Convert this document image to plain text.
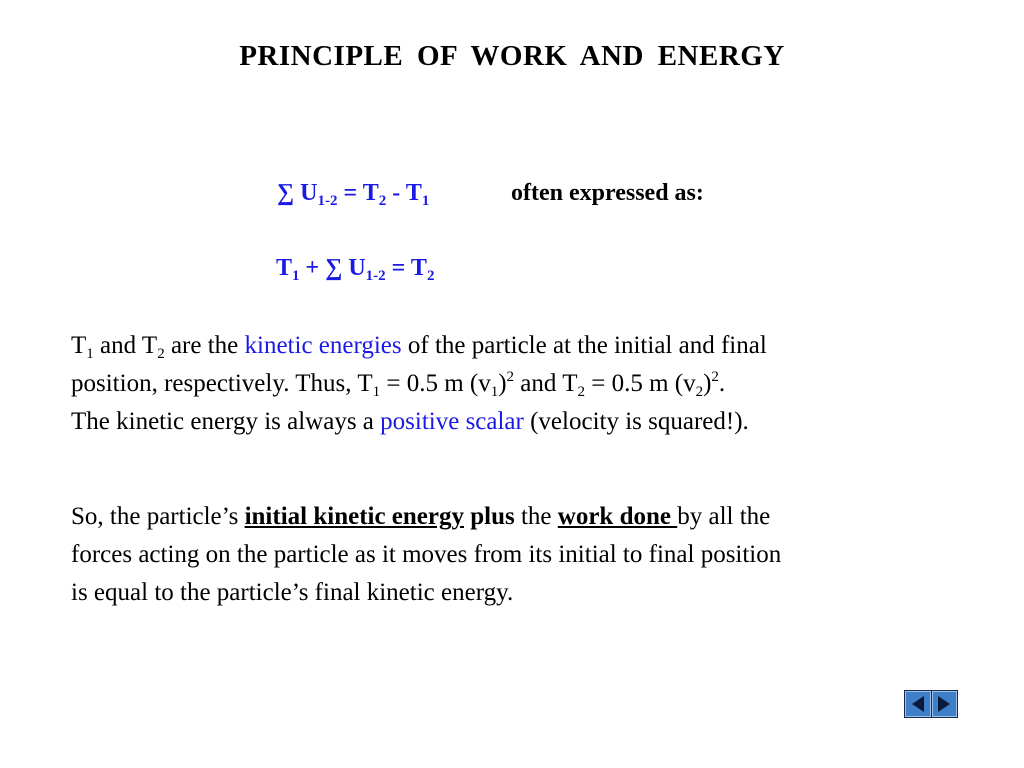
PRINCIPLE OF WORK AND ENERGY
∑ $U_{1-2} = T_2 - T_1$	often expressed as:
$T_1$ + ∑ $U_{1-2} = T_2$
$T_1$ and $T_2$ are the kinetic energies of the particle at the initial and final
position, respectively. Thus, $T_1 = 0.5$ m $(v_1)^2$ and $T_2 = 0.5$ m $(v_2)^2$.
The kinetic energy is always a positive scalar (velocity is squared!).
So, the particle’s initial kinetic energy plus the work done by all the
forces acting on the particle as it moves from its initial to final position
is equal to the particle’s final kinetic energy.
